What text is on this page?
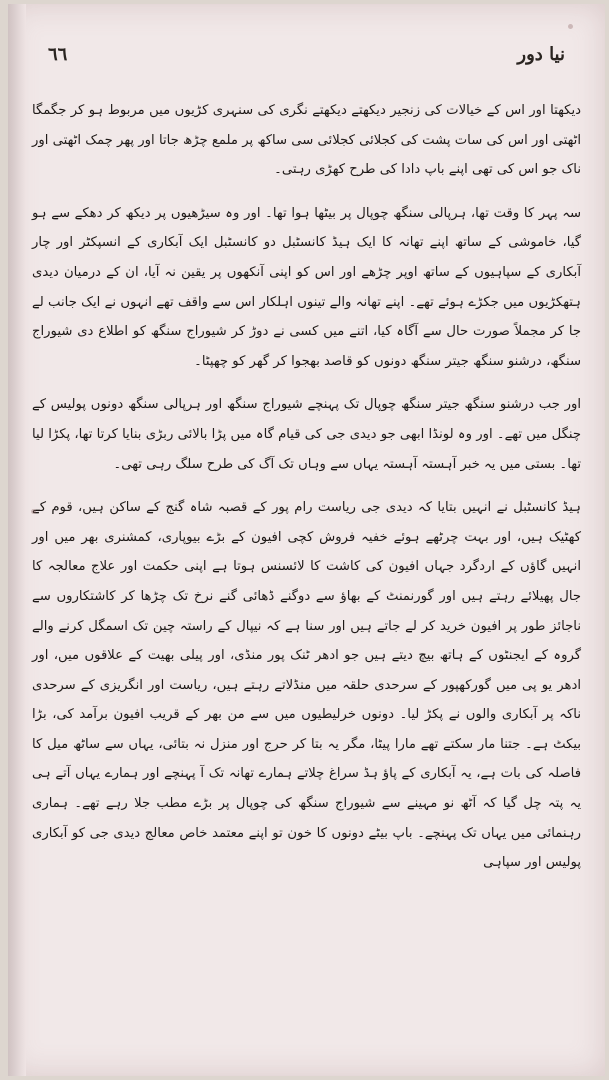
٦٦	نیا دور

دیکھتا اور اس کے خیالات کی زنجیر دیکھتے دیکھتے نگری کی سنہری کڑیوں میں مربوط ہو کر جگمگا اٹھتی اور اس کی سات پشت کی کجلائی کجلائی سی ساکھ پر ملمع چڑھ جاتا اور پھر چمک اٹھتی اور ناک جو اس کی تھی اپنے باپ دادا کی طرح کھڑی رہتی۔

سہ پہر کا وقت تھا، ہرپالی سنگھ چوپال پر بیٹھا ہوا تھا۔ اور وہ سیڑھیوں پر دیکھ کر دھکے سے ہو گیا، خاموشی کے ساتھ اپنے تھانہ کا ایک ہیڈ کانسٹبل دو کانسٹبل ایک آبکاری کے انسپکٹر اور چار آبکاری کے سپاہیوں کے ساتھ اوپر چڑھے اور اس کو اپنی آنکھوں پر یقین نہ آیا، ان کے درمیان دیدی ہتھکڑیوں میں جکڑے ہوئے تھے۔ اپنے تھانہ والے تینوں اہلکار اس سے واقف تھے انہوں نے ایک جانب لے جا کر مجملاً صورت حال سے آگاہ کیا، اتنے میں کسی نے دوڑ کر شیوراج سنگھ کو اطلاع دی شیوراج سنگھ، درشنو سنگھ جیتر سنگھ دونوں کو قاصد بھجوا کر گھر کو چھپٹا۔

اور جب درشنو سنگھ جیتر سنگھ چوپال تک پہنچے شیوراج سنگھ اور ہرپالی سنگھ دونوں پولیس کے چنگل میں تھے۔ اور وہ لونڈا ابھی جو دیدی جی کی قیام گاہ میں پڑا بالائی ربڑی بنایا کرتا تھا، پکڑا لیا تھا۔ بستی میں یہ خبر آہستہ آہستہ یہاں سے وہاں تک آگ کی طرح سلگ رہی تھی۔

ہیڈ کانسٹبل نے انہیں بتایا کہ دیدی جی ریاست رام پور کے قصبہ شاہ گنج کے ساکن ہیں، قوم کے کھٹیک ہیں، اور بہت چرٹھے ہوئے خفیہ فروش کچی افیون کے بڑے بیوپاری، کمشنری بھر میں اور انہیں گاؤں کے اردگرد جہاں افیون کی کاشت کا لائسنس ہوتا ہے اپنی حکمت اور علاج معالجہ کا جال پھیلائے رہتے ہیں اور گورنمنٹ کے بھاؤ سے دوگنے ڈھائی گنے نرخ تک چڑھا کر کاشتکاروں سے ناجائز طور پر افیون خرید کر لے جاتے ہیں اور سنا ہے کہ نیپال کے راستہ چین تک اسمگل کرنے والے گروہ کے ایجنٹوں کے ہاتھ بیچ دیتے ہیں جو ادھر ٹنک پور منڈی، اور پیلی بھیت کے علاقوں میں، اور ادھر یو پی میں گورکھپور کے سرحدی حلقہ میں منڈلاتے رہتے ہیں، ریاست اور انگریزی کے سرحدی ناکہ پر آبکاری والوں نے پکڑ لیا۔ دونوں خرلیطیوں میں سے من بھر کے قریب افیون برآمد کی، بڑا بیکٹ ہے۔ جتنا مار سکتے تھے مارا پیٹا، مگر یہ بتا کر حرج اور منزل نہ بتائی، یہاں سے ساٹھ میل کا فاصلہ کی بات ہے، یہ آبکاری کے پاؤ ہڈ سراغ چلاتے ہمارے تھانہ تک آ پہنچے اور ہمارے یہاں آتے ہی یہ پتہ چل گیا کہ آٹھ نو مہینے سے شیوراج سنگھ کی چوپال پر بڑے مطب جلا رہے تھے۔ ہماری رہنمائی میں یہاں تک پہنچے۔ باپ بیٹے دونوں کا خون تو اپنے معتمد خاص معالج دیدی جی کو آبکاری پولیس اور سپاہی
